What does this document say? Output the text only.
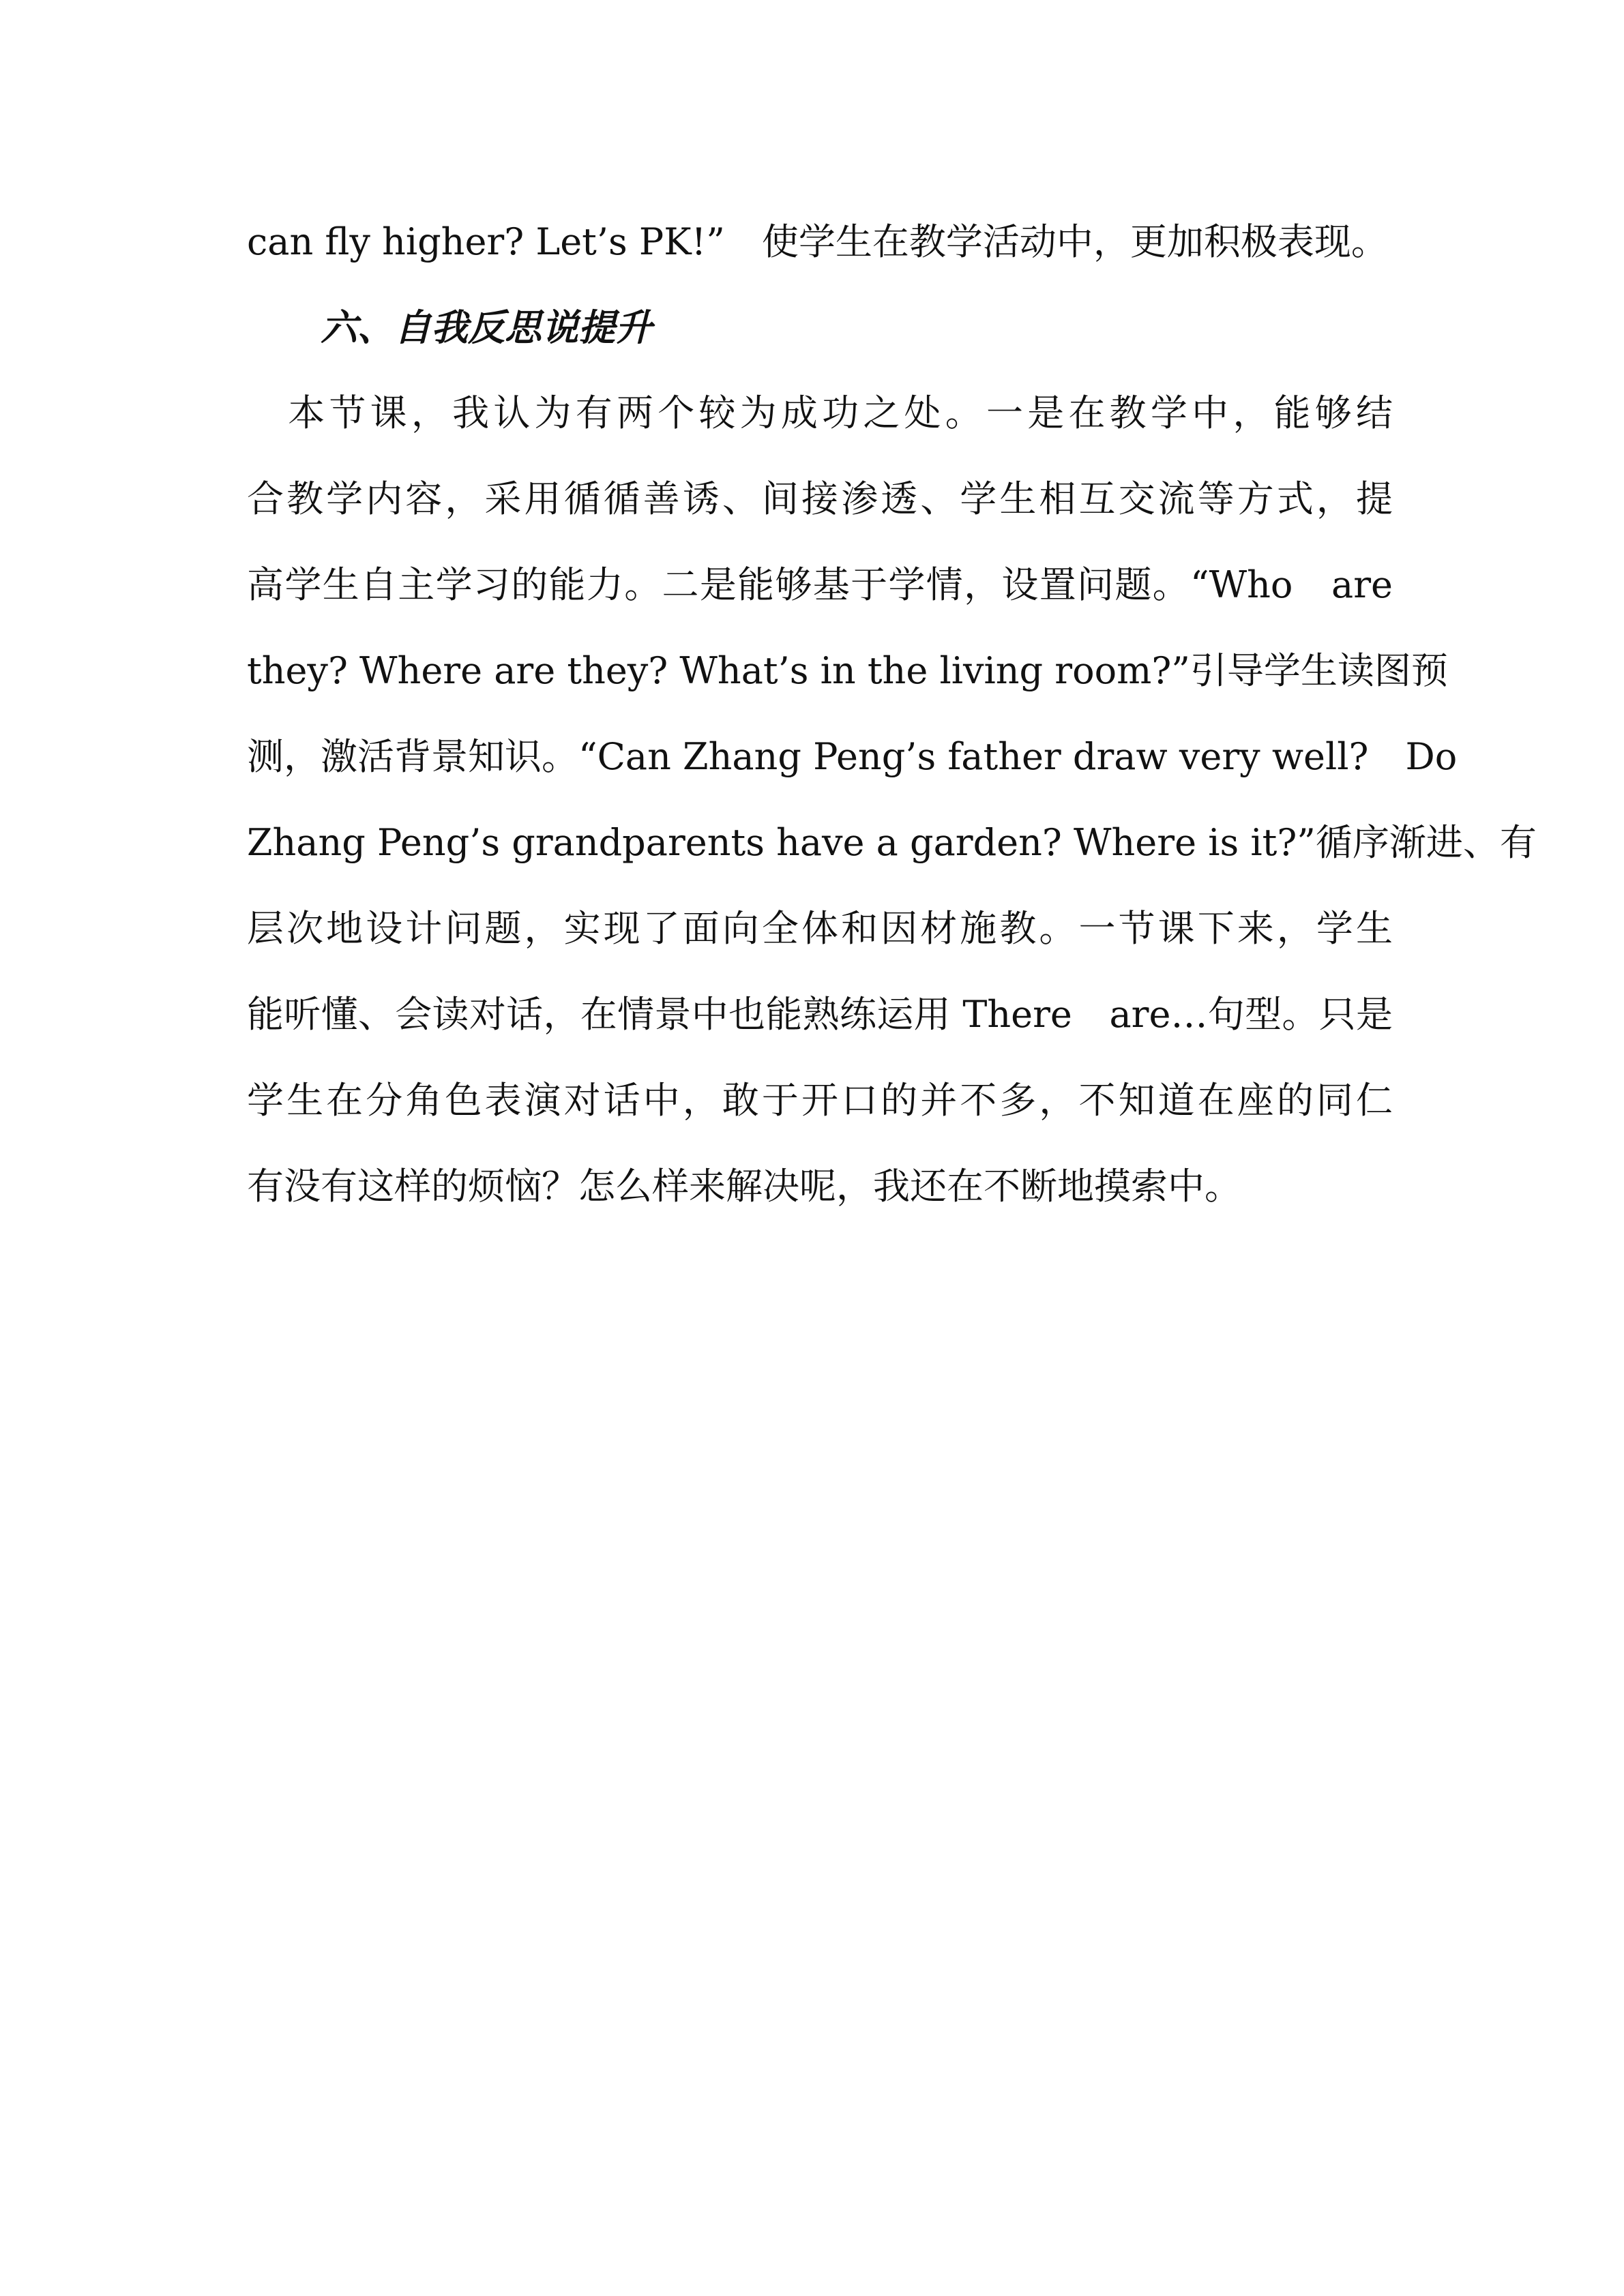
can fly higher? Let’s PK!”　使学生在教学活动中，更加积极表现。
六、自我反思说提升
　本节课，我认为有两个较为成功之处。一是在教学中，能够结
合教学内容，采用循循善诱、间接渗透、学生相互交流等方式，提
高学生自主学习的能力。二是能够基于学情，设置问题。“Who　are
they? Where are they? What’s in the living room?”引导学生读图预
测，激活背景知识。“Can Zhang Peng’s father draw very well?　Do
Zhang Peng’s grandparents have a garden? Where is it?”循序渐进、有
层次地设计问题，实现了面向全体和因材施教。一节课下来，学生
能听懂、会读对话，在情景中也能熟练运用 There　are…句型。只是
学生在分角色表演对话中，敢于开口的并不多，不知道在座的同仁
有没有这样的烦恼？怎么样来解决呢，我还在不断地摸索中。
